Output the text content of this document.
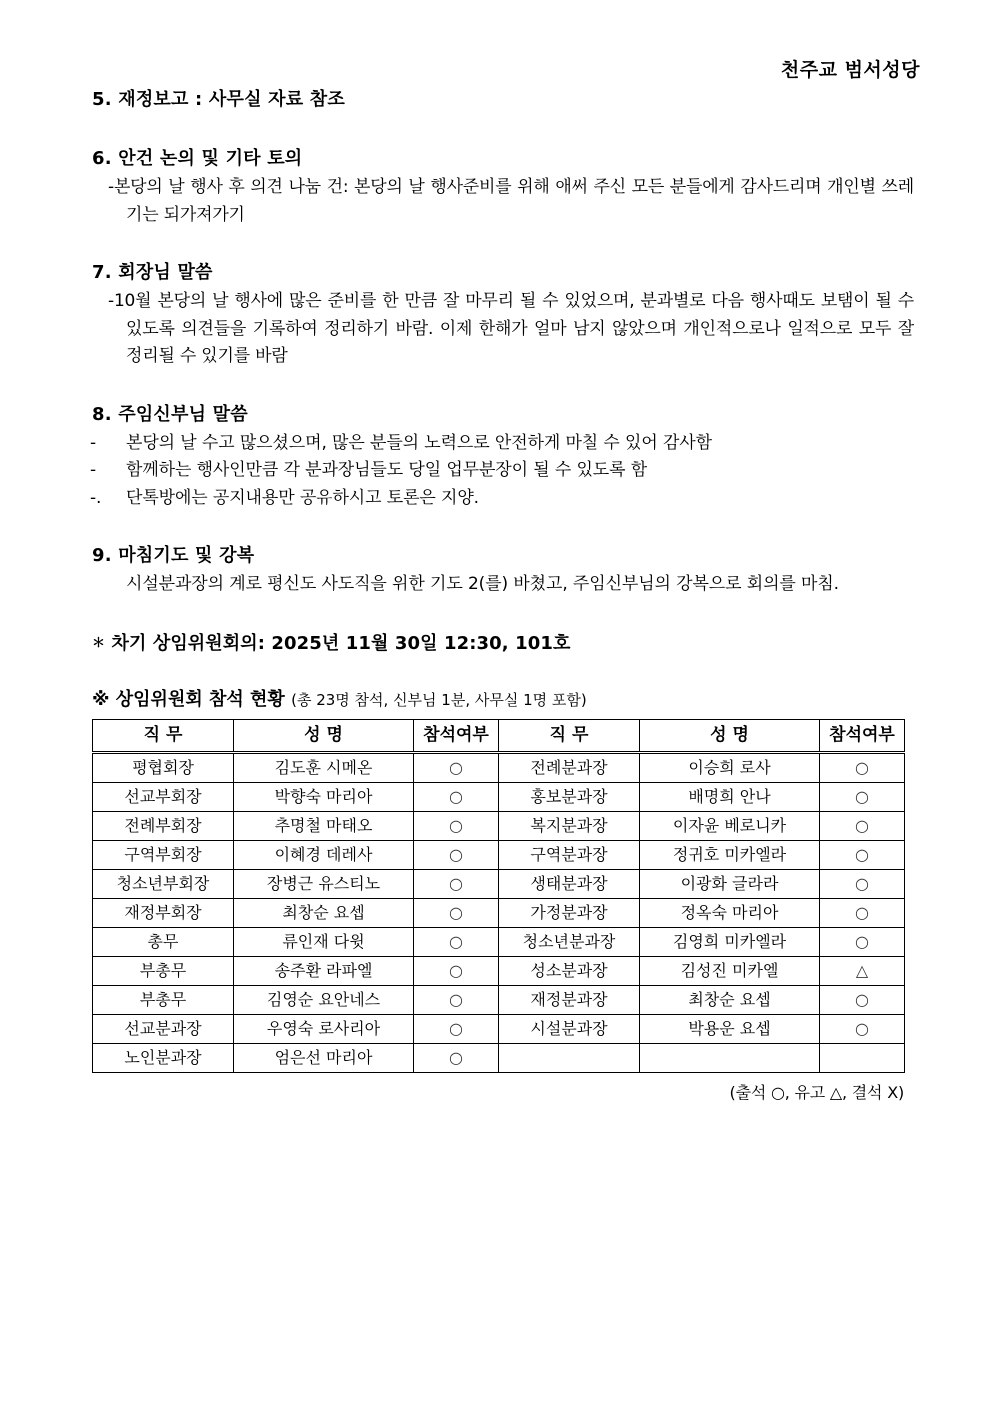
천주교 범서성당

5. 재정보고 : 사무실 자료 참조

6. 안건 논의 및 기타 토의

-본당의 날 행사 후 의견 나눔 건: 본당의 날 행사준비를 위해 애써 주신 모든 분들에게 감사드리며 개인별 쓰레기는 되가져가기

7. 회장님 말씀

-10월 본당의 날 행사에 많은 준비를 한 만큼 잘 마무리 될 수 있었으며, 분과별로 다음 행사때도 보탬이 될 수 있도록 의견들을 기록하여 정리하기 바람. 이제 한해가 얼마 남지 않았으며 개인적으로나 일적으로 모두 잘 정리될 수 있기를 바람

8. 주임신부님 말씀

- 본당의 날 수고 많으셨으며, 많은 분들의 노력으로 안전하게 마칠 수 있어 감사함

- 함께하는 행사인만큼 각 분과장님들도 당일 업무분장이 될 수 있도록 함

-. 단톡방에는 공지내용만 공유하시고 토론은 지양.

9. 마침기도 및 강복

시설분과장의 계로 평신도 사도직을 위한 기도 2(를) 바쳤고, 주임신부님의 강복으로 회의를 마침.

＊ 차기 상임위원회의: 2025년 11월 30일 12:30, 101호

※ 상임위원회 참석 현황 (총 23명 참석, 신부님 1분, 사무실 1명 포함)

직 무	성 명	참석여부	직 무	성 명	참석여부
평협회장	김도훈 시메온	○	전례분과장	이승희 로사	○
선교부회장	박향숙 마리아	○	홍보분과장	배명희 안나	○
전례부회장	추명철 마태오	○	복지분과장	이자윤 베로니카	○
구역부회장	이혜경 데레사	○	구역분과장	정귀호 미카엘라	○
청소년부회장	장병근 유스티노	○	생태분과장	이광화 글라라	○
재정부회장	최창순 요셉	○	가정분과장	정옥숙 마리아	○
총무	류인재 다윗	○	청소년분과장	김영희 미카엘라	○
부총무	송주환 라파엘	○	성소분과장	김성진 미카엘	△
부총무	김영순 요안네스	○	재정분과장	최창순 요셉	○
선교분과장	우영숙 로사리아	○	시설분과장	박용운 요셉	○
노인분과장	엄은선 마리아	○			

(출석 ○, 유고 △, 결석 X)
